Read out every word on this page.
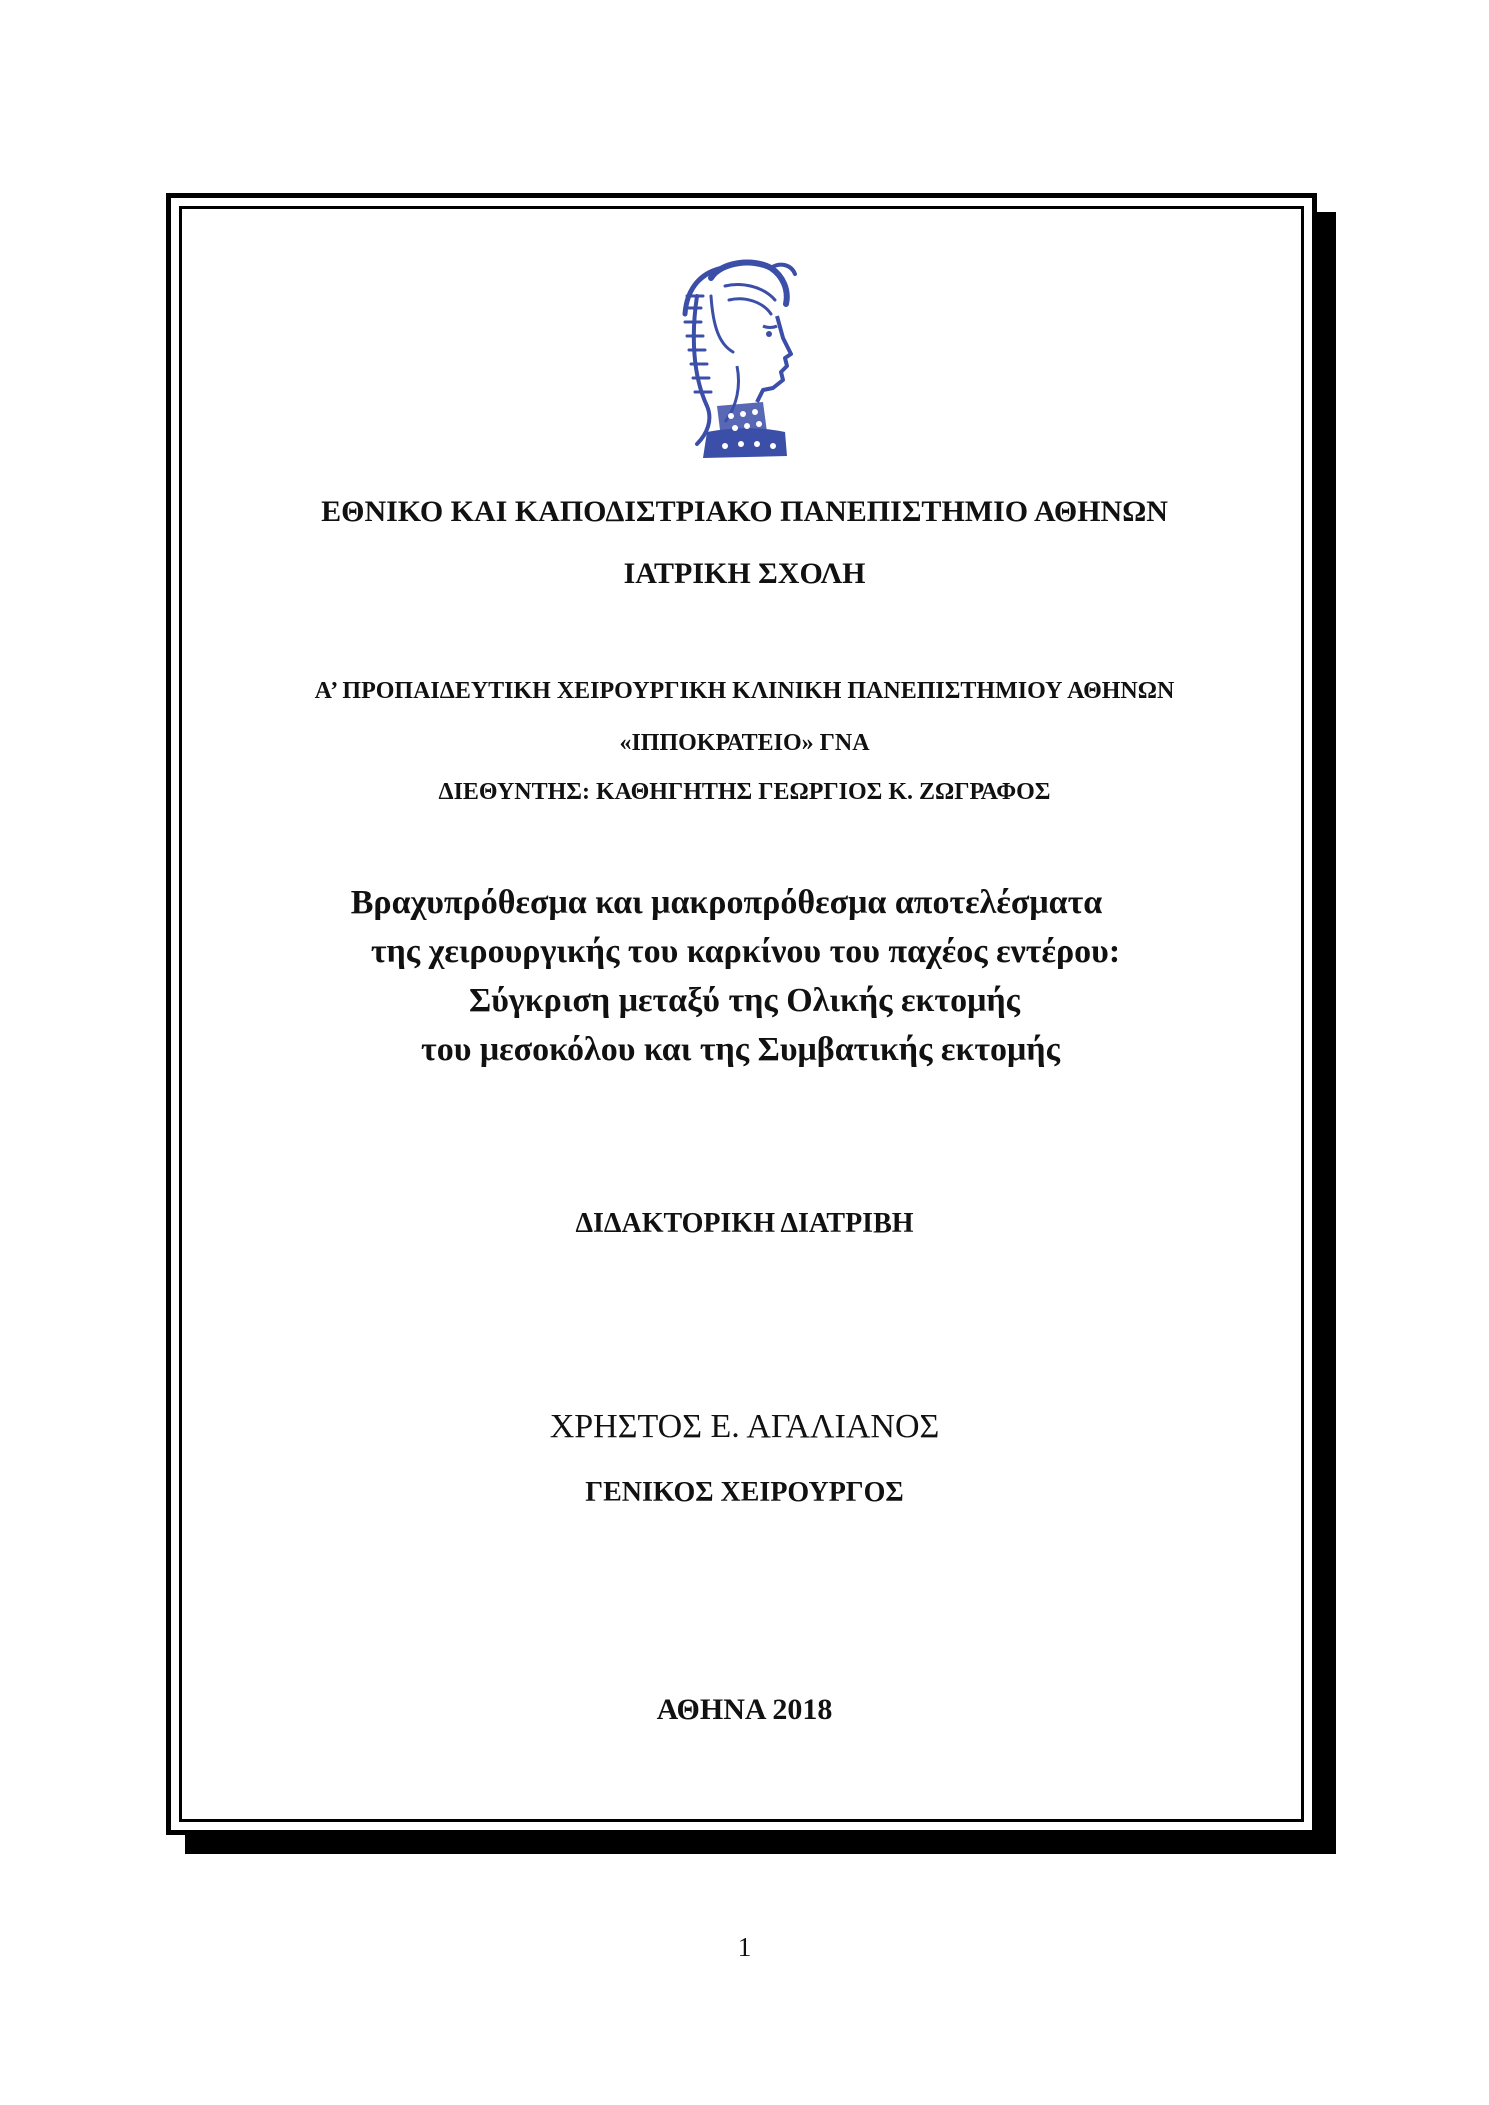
ΕΘΝΙΚΟ ΚΑΙ ΚΑΠΟΔΙΣΤΡΙΑΚΟ ΠΑΝΕΠΙΣΤΗΜΙΟ ΑΘΗΝΩΝ
ΙΑΤΡΙΚΗ ΣΧΟΛΗ
Α’ ΠΡΟΠΑΙΔΕΥΤΙΚΗ ΧΕΙΡΟΥΡΓΙΚΗ ΚΛΙΝΙΚΗ ΠΑΝΕΠΙΣΤΗΜΙΟΥ ΑΘΗΝΩΝ
«ΙΠΠΟΚΡΑΤΕΙΟ» ΓΝΑ
ΔΙΕΘΥΝΤΗΣ: ΚΑΘΗΓΗΤΗΣ ΓΕΩΡΓΙΟΣ Κ. ΖΩΓΡΑΦΟΣ
Βραχυπρόθεσμα και μακροπρόθεσμα αποτελέσματα
της χειρουργικής του καρκίνου του παχέος εντέρου:
Σύγκριση μεταξύ της Ολικής εκτομής
του μεσοκόλου και της Συμβατικής εκτομής
ΔΙΔΑΚΤΟΡΙΚΗ ΔΙΑΤΡΙΒΗ
ΧΡΗΣΤΟΣ Ε. ΑΓΑΛΙΑΝΟΣ
ΓΕΝΙΚΟΣ ΧΕΙΡΟΥΡΓΟΣ
ΑΘΗΝΑ 2018
1
